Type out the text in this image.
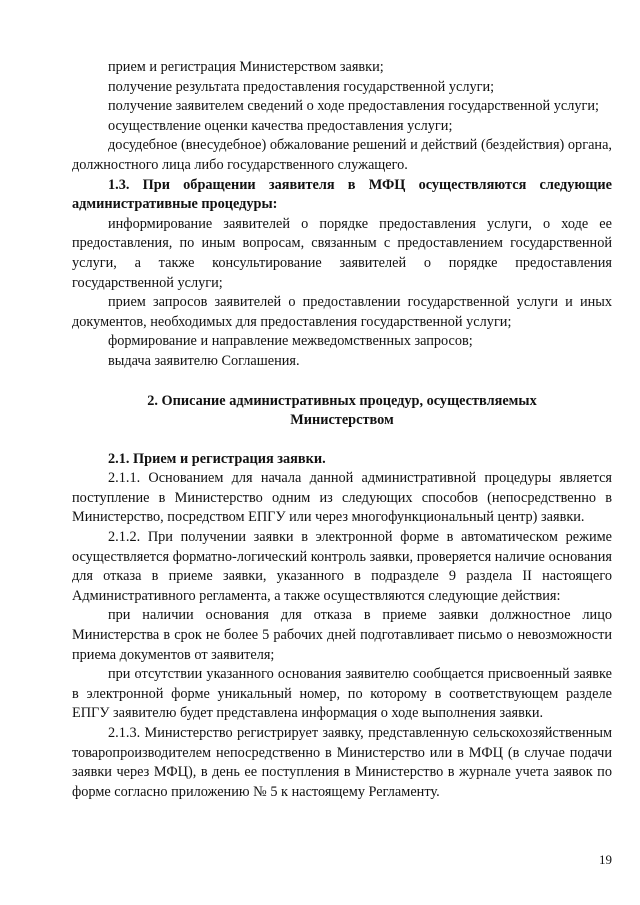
прием и регистрация Министерством заявки;

получение результата предоставления государственной услуги;

получение заявителем сведений о ходе предоставления государственной услуги;

осуществление оценки качества предоставления услуги;

досудебное (внесудебное) обжалование решений и действий (бездействия) органа, должностного лица либо государственного служащего.

1.3. При обращении заявителя в МФЦ осуществляются следующие административные процедуры:

информирование заявителей о порядке предоставления услуги, о ходе ее предоставления, по иным вопросам, связанным с предоставлением государственной услуги, а также консультирование заявителей о порядке предоставления государственной услуги;

прием запросов заявителей о предоставлении государственной услуги и иных документов, необходимых для предоставления государственной услуги;

формирование и направление межведомственных запросов;

выдача заявителю Соглашения.

2. Описание административных процедур, осуществляемых
Министерством

2.1. Прием и регистрация заявки.

2.1.1. Основанием для начала данной административной процедуры является поступление в Министерство одним из следующих способов (непосредственно в Министерство, посредством ЕПГУ или через многофункциональный центр) заявки.

2.1.2. При получении заявки в электронной форме в автоматическом режиме осуществляется форматно-логический контроль заявки, проверяется наличие основания для отказа в приеме заявки, указанного в подразделе 9 раздела II настоящего Административного регламента, а также осуществляются следующие действия:

при наличии основания для отказа в приеме заявки должностное лицо Министерства в срок не более 5 рабочих дней подготавливает письмо о невозможности приема документов от заявителя;

при отсутствии указанного основания заявителю сообщается присвоенный заявке в электронной форме уникальный номер, по которому в соответствующем разделе ЕПГУ заявителю будет представлена информация о ходе выполнения заявки.

2.1.3. Министерство регистрирует заявку, представленную сельскохозяйственным товаропроизводителем непосредственно в Министерство или в МФЦ (в случае подачи заявки через МФЦ), в день ее поступления в Министерство в журнале учета заявок по форме согласно приложению № 5 к настоящему Регламенту.

19
